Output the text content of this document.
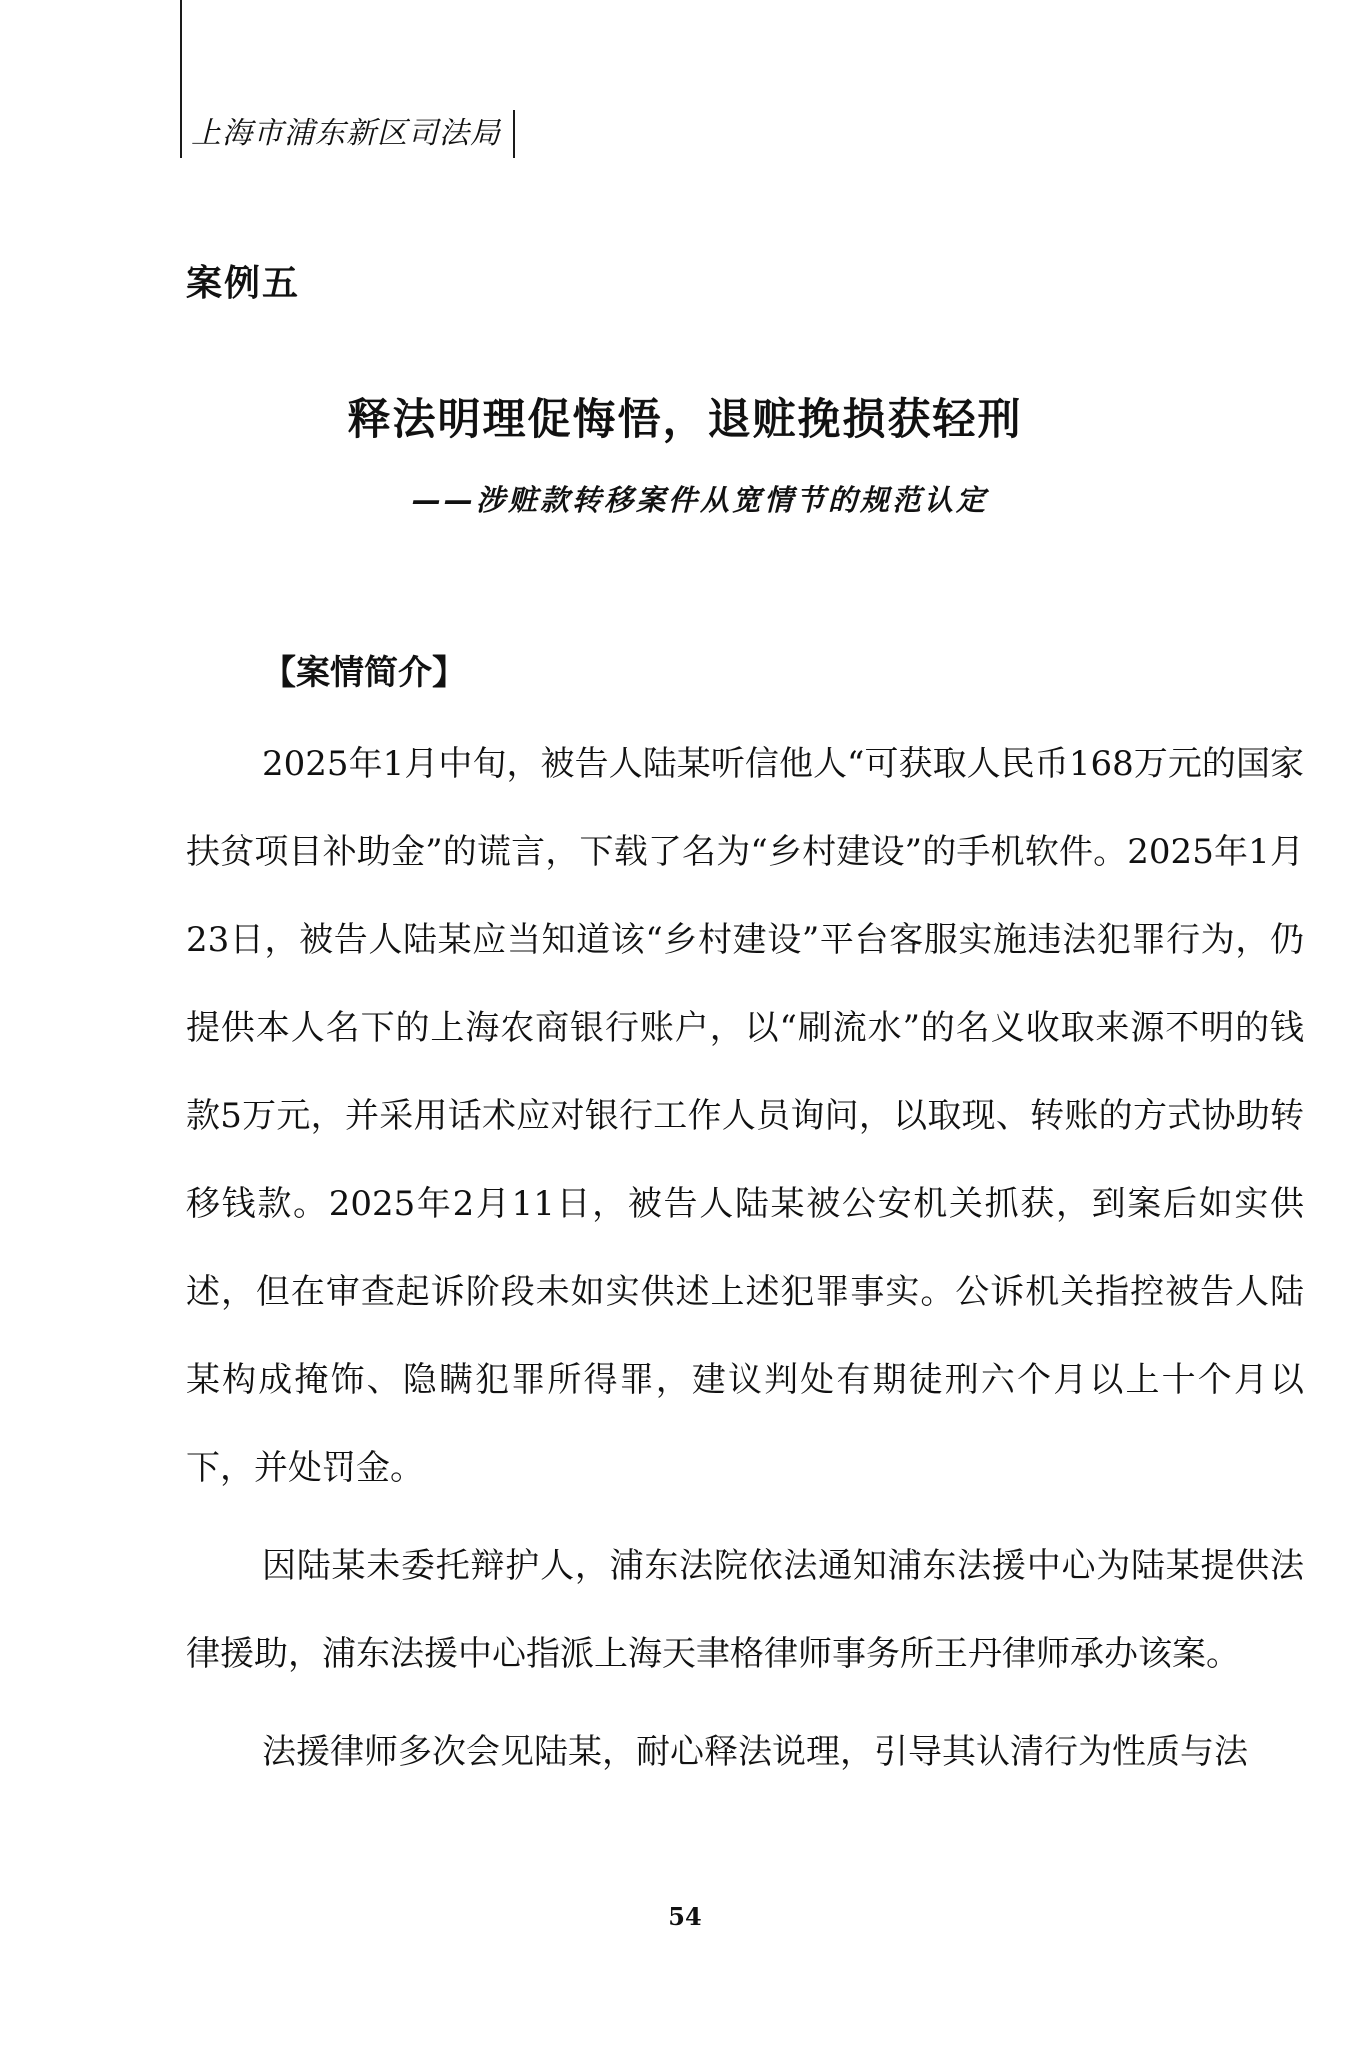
上海市浦东新区司法局
案例五
释法明理促悔悟，退赃挽损获轻刑
——涉赃款转移案件从宽情节的规范认定
【案情简介】

2025年1月中旬，被告人陆某听信他人“可获取人民币168万元的国家扶贫项目补助金”的谎言，下载了名为“乡村建设”的手机软件。2025年1月23日，被告人陆某应当知道该“乡村建设”平台客服实施违法犯罪行为，仍提供本人名下的上海农商银行账户，以“刷流水”的名义收取来源不明的钱款5万元，并采用话术应对银行工作人员询问，以取现、转账的方式协助转移钱款。2025年2月11日，被告人陆某被公安机关抓获，到案后如实供述，但在审查起诉阶段未如实供述上述犯罪事实。公诉机关指控被告人陆某构成掩饰、隐瞒犯罪所得罪，建议判处有期徒刑六个月以上十个月以下，并处罚金。

因陆某未委托辩护人，浦东法院依法通知浦东法援中心为陆某提供法律援助，浦东法援中心指派上海天聿格律师事务所王丹律师承办该案。

法援律师多次会见陆某，耐心释法说理，引导其认清行为性质与法

54
